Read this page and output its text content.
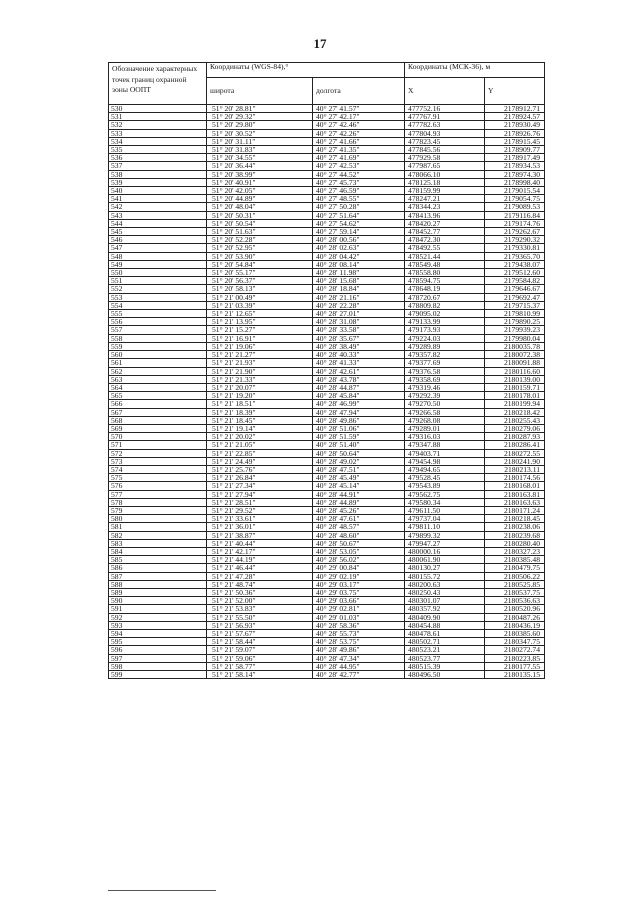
17
Обозначение характерных точек границ охранной зоны ООПТ	Координаты (WGS-84),°		Координаты (МСК-36), м	
	широта	долгота	X	Y
530	51° 20' 28.81"	40° 27' 41.57"	477752.16	2178912.71
531	51° 20' 29.32"	40° 27' 42.17"	477767.91	2178924.57
532	51° 20' 29.80"	40° 27' 42.46"	477782.63	2178930.49
533	51° 20' 30.52"	40° 27' 42.26"	477804.93	2178926.76
534	51° 20' 31.11"	40° 27' 41.66"	477823.45	2178915.45
535	51° 20' 31.83"	40° 27' 41.35"	477845.56	2178909.77
536	51° 20' 34.55"	40° 27' 41.69"	477929.58	2178917.49
537	51° 20' 36.44"	40° 27' 42.53"	477987.65	2178934.53
538	51° 20' 38.99"	40° 27' 44.52"	478066.10	2178974.30
539	51° 20' 40.91"	40° 27' 45.73"	478125.18	2178998.40
540	51° 20' 42.05"	40° 27' 46.59"	478159.99	2179015.54
541	51° 20' 44.89"	40° 27' 48.55"	478247.21	2179054.75
542	51° 20' 48.04"	40° 27' 50.28"	478344.23	2179089.53
543	51° 20' 50.31"	40° 27' 51.64"	478413.96	2179116.84
544	51° 20' 50.54"	40° 27' 54.62"	478420.27	2179174.76
545	51° 20' 51.63"	40° 27' 59.14"	478452.77	2179262.67
546	51° 20' 52.28"	40° 28' 00.56"	478472.30	2179290.32
547	51° 20' 52.95"	40° 28' 02.63"	478492.55	2179330.81
548	51° 20' 53.90"	40° 28' 04.42"	478521.44	2179365.70
549	51° 20' 54.84"	40° 28' 08.14"	478549.48	2179438.07
550	51° 20' 55.17"	40° 28' 11.98"	478558.80	2179512.60
551	51° 20' 56.37"	40° 28' 15.68"	478594.75	2179584.82
552	51° 20' 58.13"	40° 28' 18.84"	478648.19	2179646.67
553	51° 21' 00.49"	40° 28' 21.16"	478720.67	2179692.47
554	51° 21' 03.39"	40° 28' 22.28"	478809.82	2179715.37
555	51° 21' 12.65"	40° 28' 27.01"	479095.02	2179810.99
556	51° 21' 13.95"	40° 28' 31.08"	479133.99	2179890.25
557	51° 21' 15.27"	40° 28' 33.58"	479173.93	2179939.23
558	51° 21' 16.91"	40° 28' 35.67"	479224.03	2179980.04
559	51° 21' 19.06"	40° 28' 38.49"	479289.89	2180035.78
560	51° 21' 21.27"	40° 28' 40.33"	479357.82	2180072.38
561	51° 21' 21.93"	40° 28' 41.33"	479377.69	2180091.88
562	51° 21' 21.90"	40° 28' 42.61"	479376.58	2180116.60
563	51° 21' 21.33"	40° 28' 43.78"	479358.69	2180139.00
564	51° 21' 20.07"	40° 28' 44.87"	479319.46	2180159.71
565	51° 21' 19.20"	40° 28' 45.84"	479292.39	2180178.01
566	51° 21' 18.51"	40° 28' 46.99"	479270.50	2180199.94
567	51° 21' 18.39"	40° 28' 47.94"	479266.58	2180218.42
568	51° 21' 18.45"	40° 28' 49.86"	479268.08	2180255.43
569	51° 21' 19.14"	40° 28' 51.06"	479289.01	2180279.06
570	51° 21' 20.02"	40° 28' 51.59"	479316.03	2180287.93
571	51° 21' 21.05"	40° 28' 51.40"	479347.88	2180286.41
572	51° 21' 22.85"	40° 28' 50.64"	479403.71	2180272.55
573	51° 21' 24.49"	40° 28' 49.02"	479454.98	2180241.90
574	51° 21' 25.76"	40° 28' 47.51"	479494.65	2180213.11
575	51° 21' 26.84"	40° 28' 45.49"	479528.45	2180174.56
576	51° 21' 27.34"	40° 28' 45.14"	479543.89	2180168.01
577	51° 21' 27.94"	40° 28' 44.91"	479562.75	2180163.81
578	51° 21' 28.51"	40° 28' 44.89"	479580.34	2180163.63
579	51° 21' 29.52"	40° 28' 45.26"	479611.50	2180171.24
580	51° 21' 33.61"	40° 28' 47.61"	479737.04	2180218.45
581	51° 21' 36.01"	40° 28' 48.57"	479811.10	2180238.06
582	51° 21' 38.87"	40° 28' 48.60"	479899.32	2180239.68
583	51° 21' 40.44"	40° 28' 50.67"	479947.27	2180280.40
584	51° 21' 42.17"	40° 28' 53.05"	480000.16	2180327.23
585	51° 21' 44.19"	40° 28' 56.02"	480061.90	2180385.48
586	51° 21' 46.44"	40° 29' 00.84"	480130.27	2180479.75
587	51° 21' 47.28"	40° 29' 02.19"	480155.72	2180506.22
588	51° 21' 48.74"	40° 29' 03.17"	480200.63	2180525.85
589	51° 21' 50.36"	40° 29' 03.75"	480250.43	2180537.75
590	51° 21' 52.00"	40° 29' 03.66"	480301.07	2180536.63
591	51° 21' 53.83"	40° 29' 02.81"	480357.92	2180520.96
592	51° 21' 55.50"	40° 29' 01.03"	480409.90	2180487.26
593	51° 21' 56.93"	40° 28' 58.36"	480454.88	2180436.19
594	51° 21' 57.67"	40° 28' 55.73"	480478.61	2180385.60
595	51° 21' 58.44"	40° 28' 53.75"	480502.71	2180347.75
596	51° 21' 59.07"	40° 28' 49.86"	480523.21	2180272.74
597	51° 21' 59.06"	40° 28' 47.34"	480523.77	2180223.85
598	51° 21' 58.77"	40° 28' 44.95"	480515.39	2180177.55
599	51° 21' 58.14"	40° 28' 42.77"	480496.50	2180135.15
